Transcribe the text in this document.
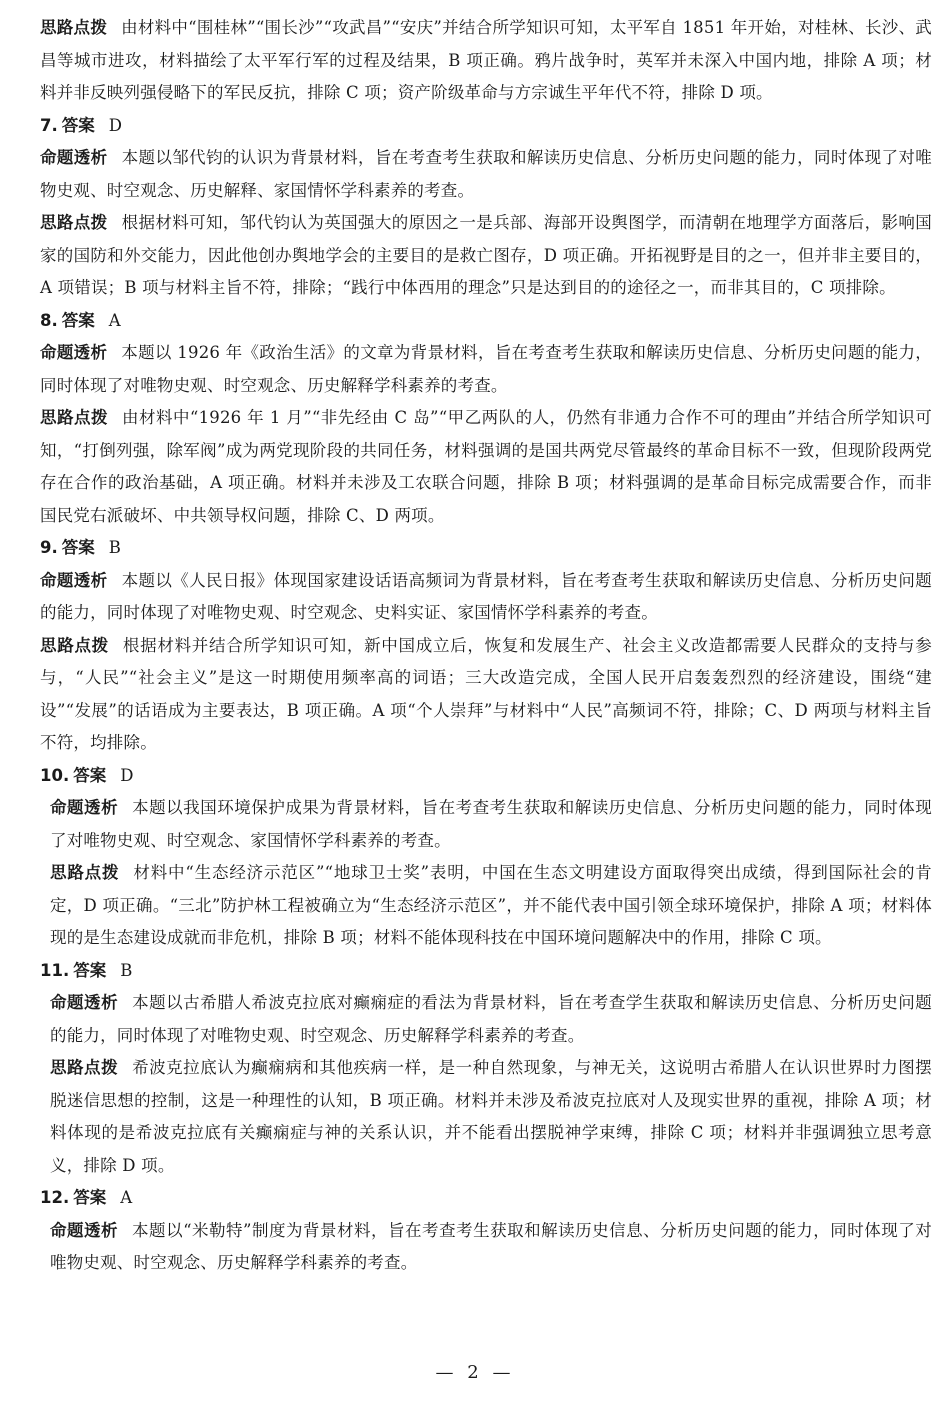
思路点拨 由材料中“围桂林”“围长沙”“攻武昌”“安庆”并结合所学知识可知，太平军自 1851 年开始，对桂林、长沙、武昌等城市进攻，材料描绘了太平军行军的过程及结果，B 项正确。鸦片战争时，英军并未深入中国内地，排除 A 项；材料并非反映列强侵略下的军民反抗，排除 C 项；资产阶级革命与方宗诚生平年代不符，排除 D 项。

7. 答案 D

命题透析 本题以邹代钧的认识为背景材料，旨在考查考生获取和解读历史信息、分析历史问题的能力，同时体现了对唯物史观、时空观念、历史解释、家国情怀学科素养的考查。

思路点拨 根据材料可知，邹代钧认为英国强大的原因之一是兵部、海部开设舆图学，而清朝在地理学方面落后，影响国家的国防和外交能力，因此他创办舆地学会的主要目的是救亡图存，D 项正确。开拓视野是目的之一，但并非主要目的，A 项错误；B 项与材料主旨不符，排除；“践行中体西用的理念”只是达到目的的途径之一，而非其目的，C 项排除。

8. 答案 A

命题透析 本题以 1926 年《政治生活》的文章为背景材料，旨在考查考生获取和解读历史信息、分析历史问题的能力，同时体现了对唯物史观、时空观念、历史解释学科素养的考查。

思路点拨 由材料中“1926 年 1 月”“非先经由 C 岛”“甲乙两队的人，仍然有非通力合作不可的理由”并结合所学知识可知，“打倒列强，除军阀”成为两党现阶段的共同任务，材料强调的是国共两党尽管最终的革命目标不一致，但现阶段两党存在合作的政治基础，A 项正确。材料并未涉及工农联合问题，排除 B 项；材料强调的是革命目标完成需要合作，而非国民党右派破坏、中共领导权问题，排除 C、D 两项。

9. 答案 B

命题透析 本题以《人民日报》体现国家建设话语高频词为背景材料，旨在考查考生获取和解读历史信息、分析历史问题的能力，同时体现了对唯物史观、时空观念、史料实证、家国情怀学科素养的考查。

思路点拨 根据材料并结合所学知识可知，新中国成立后，恢复和发展生产、社会主义改造都需要人民群众的支持与参与，“人民”“社会主义”是这一时期使用频率高的词语；三大改造完成，全国人民开启轰轰烈烈的经济建设，围绕“建设”“发展”的话语成为主要表达，B 项正确。A 项“个人崇拜”与材料中“人民”高频词不符，排除；C、D 两项与材料主旨不符，均排除。

10. 答案 D

命题透析 本题以我国环境保护成果为背景材料，旨在考查考生获取和解读历史信息、分析历史问题的能力，同时体现了对唯物史观、时空观念、家国情怀学科素养的考查。

思路点拨 材料中“生态经济示范区”“地球卫士奖”表明，中国在生态文明建设方面取得突出成绩，得到国际社会的肯定，D 项正确。“三北”防护林工程被确立为“生态经济示范区”，并不能代表中国引领全球环境保护，排除 A 项；材料体现的是生态建设成就而非危机，排除 B 项；材料不能体现科技在中国环境问题解决中的作用，排除 C 项。

11. 答案 B

命题透析 本题以古希腊人希波克拉底对癫痫症的看法为背景材料，旨在考查学生获取和解读历史信息、分析历史问题的能力，同时体现了对唯物史观、时空观念、历史解释学科素养的考查。

思路点拨 希波克拉底认为癫痫病和其他疾病一样，是一种自然现象，与神无关，这说明古希腊人在认识世界时力图摆脱迷信思想的控制，这是一种理性的认知，B 项正确。材料并未涉及希波克拉底对人及现实世界的重视，排除 A 项；材料体现的是希波克拉底有关癫痫症与神的关系认识，并不能看出摆脱神学束缚，排除 C 项；材料并非强调独立思考意义，排除 D 项。

12. 答案 A

命题透析 本题以“米勒特”制度为背景材料，旨在考查考生获取和解读历史信息、分析历史问题的能力，同时体现了对唯物史观、时空观念、历史解释学科素养的考查。

— 2 —
